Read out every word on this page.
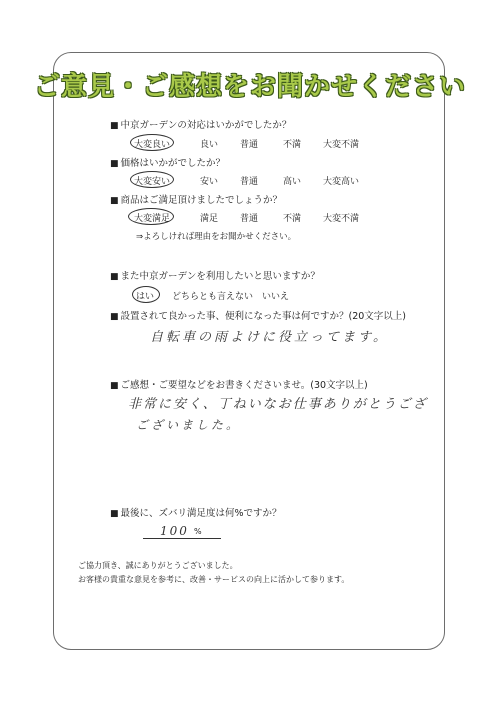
ご意見・ご感想をお聞かせください
■ 中京ガーデンの対応はいかがでしたか？
大変良い	良い 普通	不満 大変不満
■ 価格はいかがでしたか？
大変安い	安い 普通	高い 大変高い
■ 商品はご満足頂けましたでしょうか？
大変満足	満足 普通	不満 大変不満
⇒よろしければ理由をお聞かせください。
■ また中京ガーデンを利用したいと思いますか？
はい どちらとも言えない いいえ
■ 設置されて良かった事、便利になった事は何ですか？(20文字以上)
自転車の雨よけに役立ってます。
■ ご感想・ご要望などをお書きくださいませ。(30文字以上)
非常に安く、丁ねいなお仕事ありがとうござ
ございました。
■ 最後に、ズバリ満足度は何%ですか？
100 %
ご協力頂き、誠にありがとうございました。
お客様の貴重な意見を参考に、改善・サービスの向上に活かして参ります。
